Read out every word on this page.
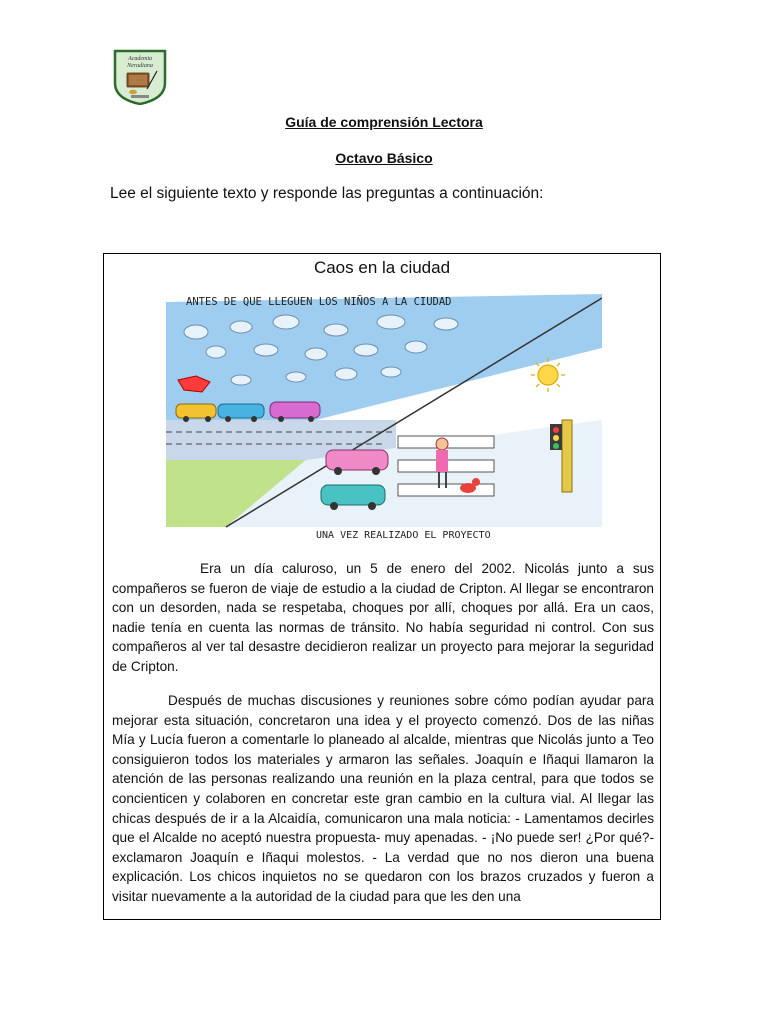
Academia
Nerudiana
Guía de comprensión Lectora
Octavo Básico
Lee el siguiente texto y responde las preguntas a continuación:
Caos en la ciudad
ANTES DE QUE LLEGUEN LOS NIÑOS A LA CIUDAD
UNA VEZ REALIZADO EL PROYECTO

Era un día caluroso, un 5 de enero del 2002. Nicolás junto a sus compañeros se fueron de viaje de estudio a la ciudad de Cripton. Al llegar se encontraron con un desorden, nada se respetaba, choques por allí, choques por allá. Era un caos, nadie tenía en cuenta las normas de tránsito. No había seguridad ni control. Con sus compañeros al ver tal desastre decidieron realizar un proyecto para mejorar la seguridad de Cripton.

Después de muchas discusiones y reuniones sobre cómo podían ayudar para mejorar esta situación, concretaron una idea y el proyecto comenzó. Dos de las niñas Mía y Lucía fueron a comentarle lo planeado al alcalde, mientras que Nicolás junto a Teo consiguieron todos los materiales y armaron las señales. Joaquín e Iñaqui llamaron la atención de las personas realizando una reunión en la plaza central, para que todos se concienticen y colaboren en concretar este gran cambio en la cultura vial. Al llegar las chicas después de ir a la Alcaidía, comunicaron una mala noticia: - Lamentamos decirles que el Alcalde no aceptó nuestra propuesta- muy apenadas. - ¡No puede ser! ¿Por qué?- exclamaron Joaquín e Iñaqui molestos. - La verdad que no nos dieron una buena explicación. Los chicos inquietos no se quedaron con los brazos cruzados y fueron a visitar nuevamente a la autoridad de la ciudad para que les den una
